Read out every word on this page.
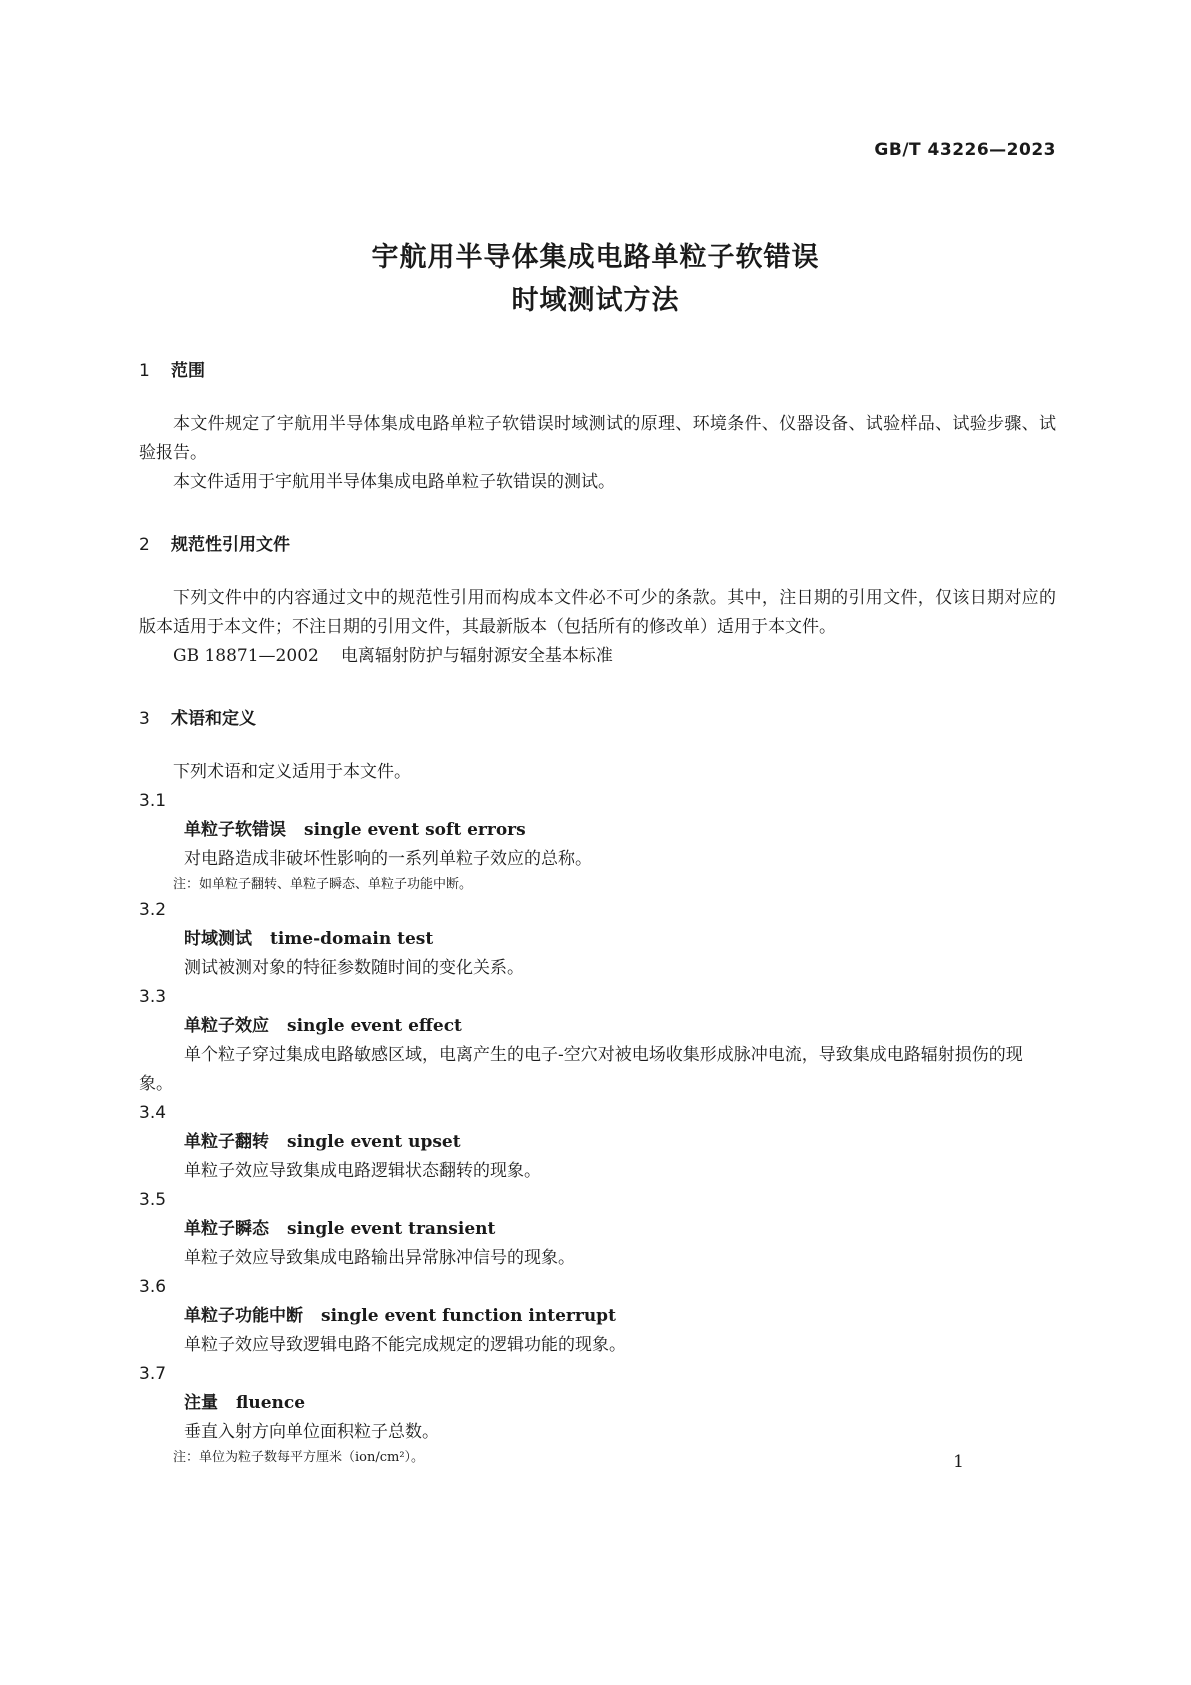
GB/T 43226—2023
宇航用半导体集成电路单粒子软错误
时域测试方法
1 范围

本文件规定了宇航用半导体集成电路单粒子软错误时域测试的原理、环境条件、仪器设备、试验样品、试验步骤、试验报告。

本文件适用于宇航用半导体集成电路单粒子软错误的测试。

2 规范性引用文件

下列文件中的内容通过文中的规范性引用而构成本文件必不可少的条款。其中，注日期的引用文件，仅该日期对应的版本适用于本文件；不注日期的引用文件，其最新版本（包括所有的修改单）适用于本文件。

GB 18871—2002 电离辐射防护与辐射源安全基本标准
3 术语和定义

下列术语和定义适用于本文件。

3.1
单粒子软错误 single event soft errors
对电路造成非破坏性影响的一系列单粒子效应的总称。
注：如单粒子翻转、单粒子瞬态、单粒子功能中断。
3.2
时域测试 time-domain test
测试被测对象的特征参数随时间的变化关系。
3.3
单粒子效应 single event effect
单个粒子穿过集成电路敏感区域，电离产生的电子-空穴对被电场收集形成脉冲电流，导致集成电路辐射损伤的现象。
3.4
单粒子翻转 single event upset
单粒子效应导致集成电路逻辑状态翻转的现象。
3.5
单粒子瞬态 single event transient
单粒子效应导致集成电路输出异常脉冲信号的现象。
3.6
单粒子功能中断 single event function interrupt
单粒子效应导致逻辑电路不能完成规定的逻辑功能的现象。
3.7
注量 fluence
垂直入射方向单位面积粒子总数。
注：单位为粒子数每平方厘米（ion/cm²）。	1
